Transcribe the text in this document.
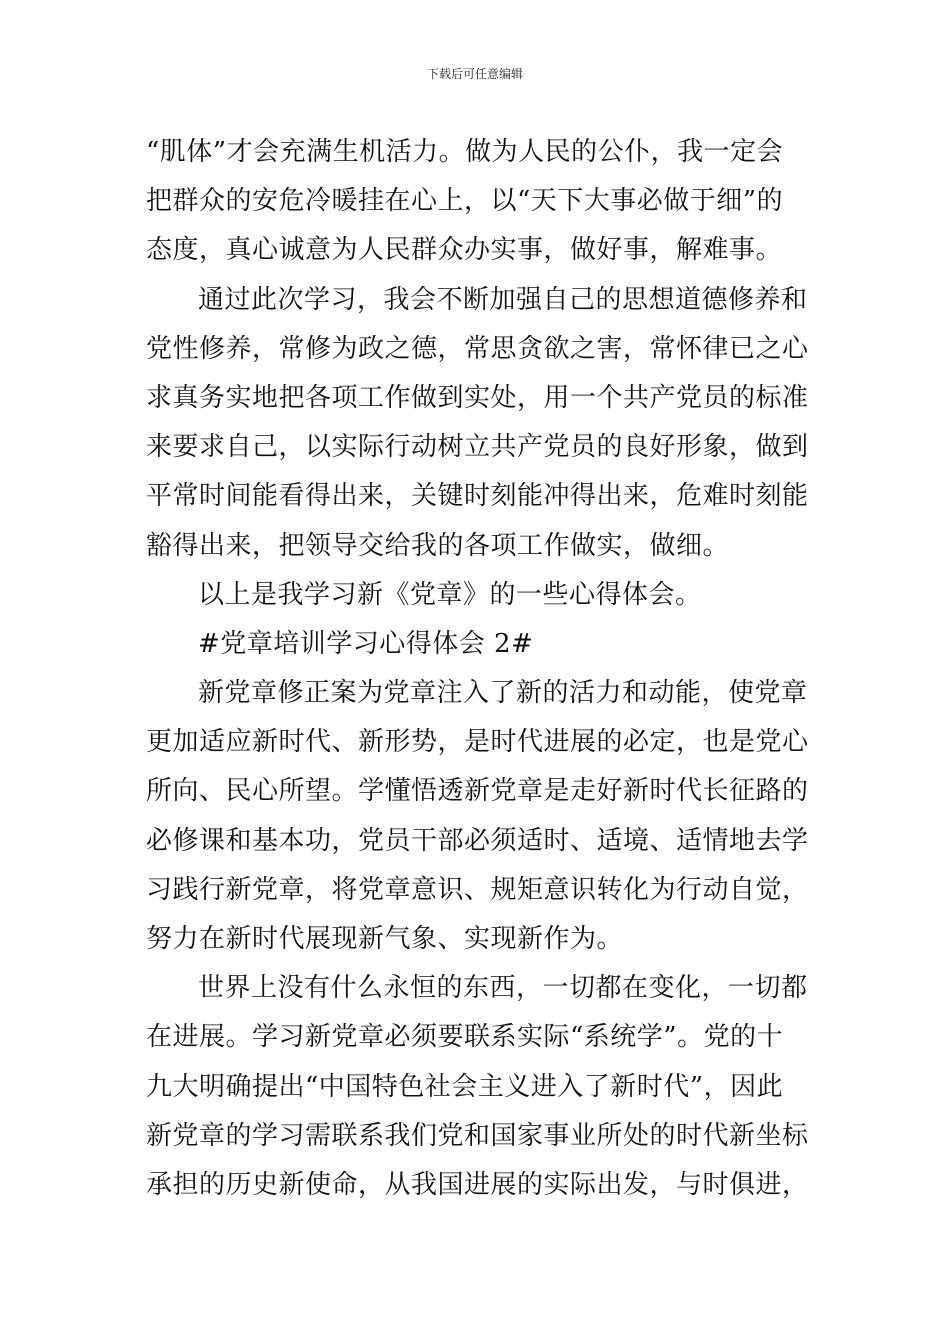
下载后可任意编辑
“肌体”才会充满生机活力。做为人民的公仆，我一定会
把群众的安危冷暖挂在心上，以“天下大事必做于细”的
态度，真心诚意为人民群众办实事，做好事，解难事。
通过此次学习，我会不断加强自己的思想道德修养和
党性修养，常修为政之德，常思贪欲之害，常怀律已之心
求真务实地把各项工作做到实处，用一个共产党员的标准
来要求自己，以实际行动树立共产党员的良好形象，做到
平常时间能看得出来，关键时刻能冲得出来，危难时刻能
豁得出来，把领导交给我的各项工作做实，做细。
以上是我学习新《党章》的一些心得体会。
#党章培训学习心得体会 2#
新党章修正案为党章注入了新的活力和动能，使党章
更加适应新时代、新形势，是时代进展的必定，也是党心
所向、民心所望。学懂悟透新党章是走好新时代长征路的
必修课和基本功，党员干部必须适时、适境、适情地去学
习践行新党章，将党章意识、规矩意识转化为行动自觉，
努力在新时代展现新气象、实现新作为。
世界上没有什么永恒的东西，一切都在变化，一切都
在进展。学习新党章必须要联系实际“系统学”。党的十
九大明确提出“中国特色社会主义进入了新时代”，因此
新党章的学习需联系我们党和国家事业所处的时代新坐标
承担的历史新使命，从我国进展的实际出发，与时俱进，
